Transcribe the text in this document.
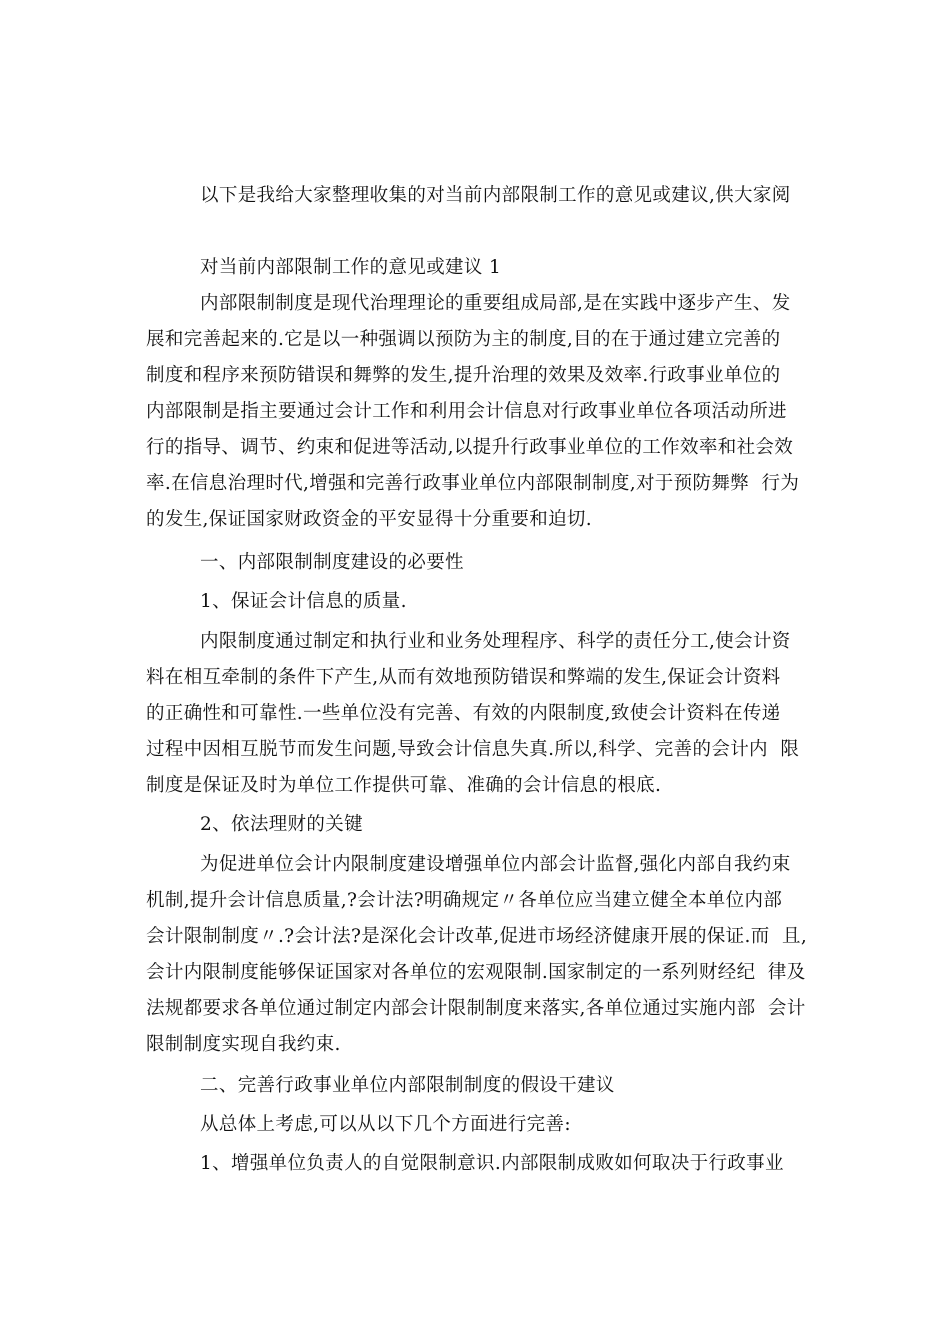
以下是我给大家整理收集的对当前内部限制工作的意见或建议,供大家阅
对当前内部限制工作的意见或建议 1
内部限制制度是现代治理理论的重要组成局部,是在实践中逐步产生、发
展和完善起来的.它是以一种强调以预防为主的制度,目的在于通过建立完善的
制度和程序来预防错误和舞弊的发生,提升治理的效果及效率.行政事业单位的
内部限制是指主要通过会计工作和利用会计信息对行政事业单位各项活动所进
行的指导、调节、约束和促进等活动,以提升行政事业单位的工作效率和社会效
率.在信息治理时代,增强和完善行政事业单位内部限制制度,对于预防舞弊  行为
的发生,保证国家财政资金的平安显得十分重要和迫切.
一、内部限制制度建设的必要性
1、保证会计信息的质量.
内限制度通过制定和执行业和业务处理程序、科学的责任分工,使会计资
料在相互牵制的条件下产生,从而有效地预防错误和弊端的发生,保证会计资料
的正确性和可靠性.一些单位没有完善、有效的内限制度,致使会计资料在传递
过程中因相互脱节而发生问题,导致会计信息失真.所以,科学、完善的会计内  限
制度是保证及时为单位工作提供可靠、准确的会计信息的根底.
2、依法理财的关键
为促进单位会计内限制度建设增强单位内部会计监督,强化内部自我约束
机制,提升会计信息质量,?会计法?明确规定〃各单位应当建立健全本单位内部
会计限制制度〃.?会计法?是深化会计改革,促进市场经济健康开展的保证.而  且,
会计内限制度能够保证国家对各单位的宏观限制.国家制定的一系列财经纪  律及
法规都要求各单位通过制定内部会计限制制度来落实,各单位通过实施内部  会计
限制制度实现自我约束.
二、完善行政事业单位内部限制制度的假设干建议
从总体上考虑,可以从以下几个方面进行完善:
1、增强单位负责人的自觉限制意识.内部限制成败如何取决于行政事业
